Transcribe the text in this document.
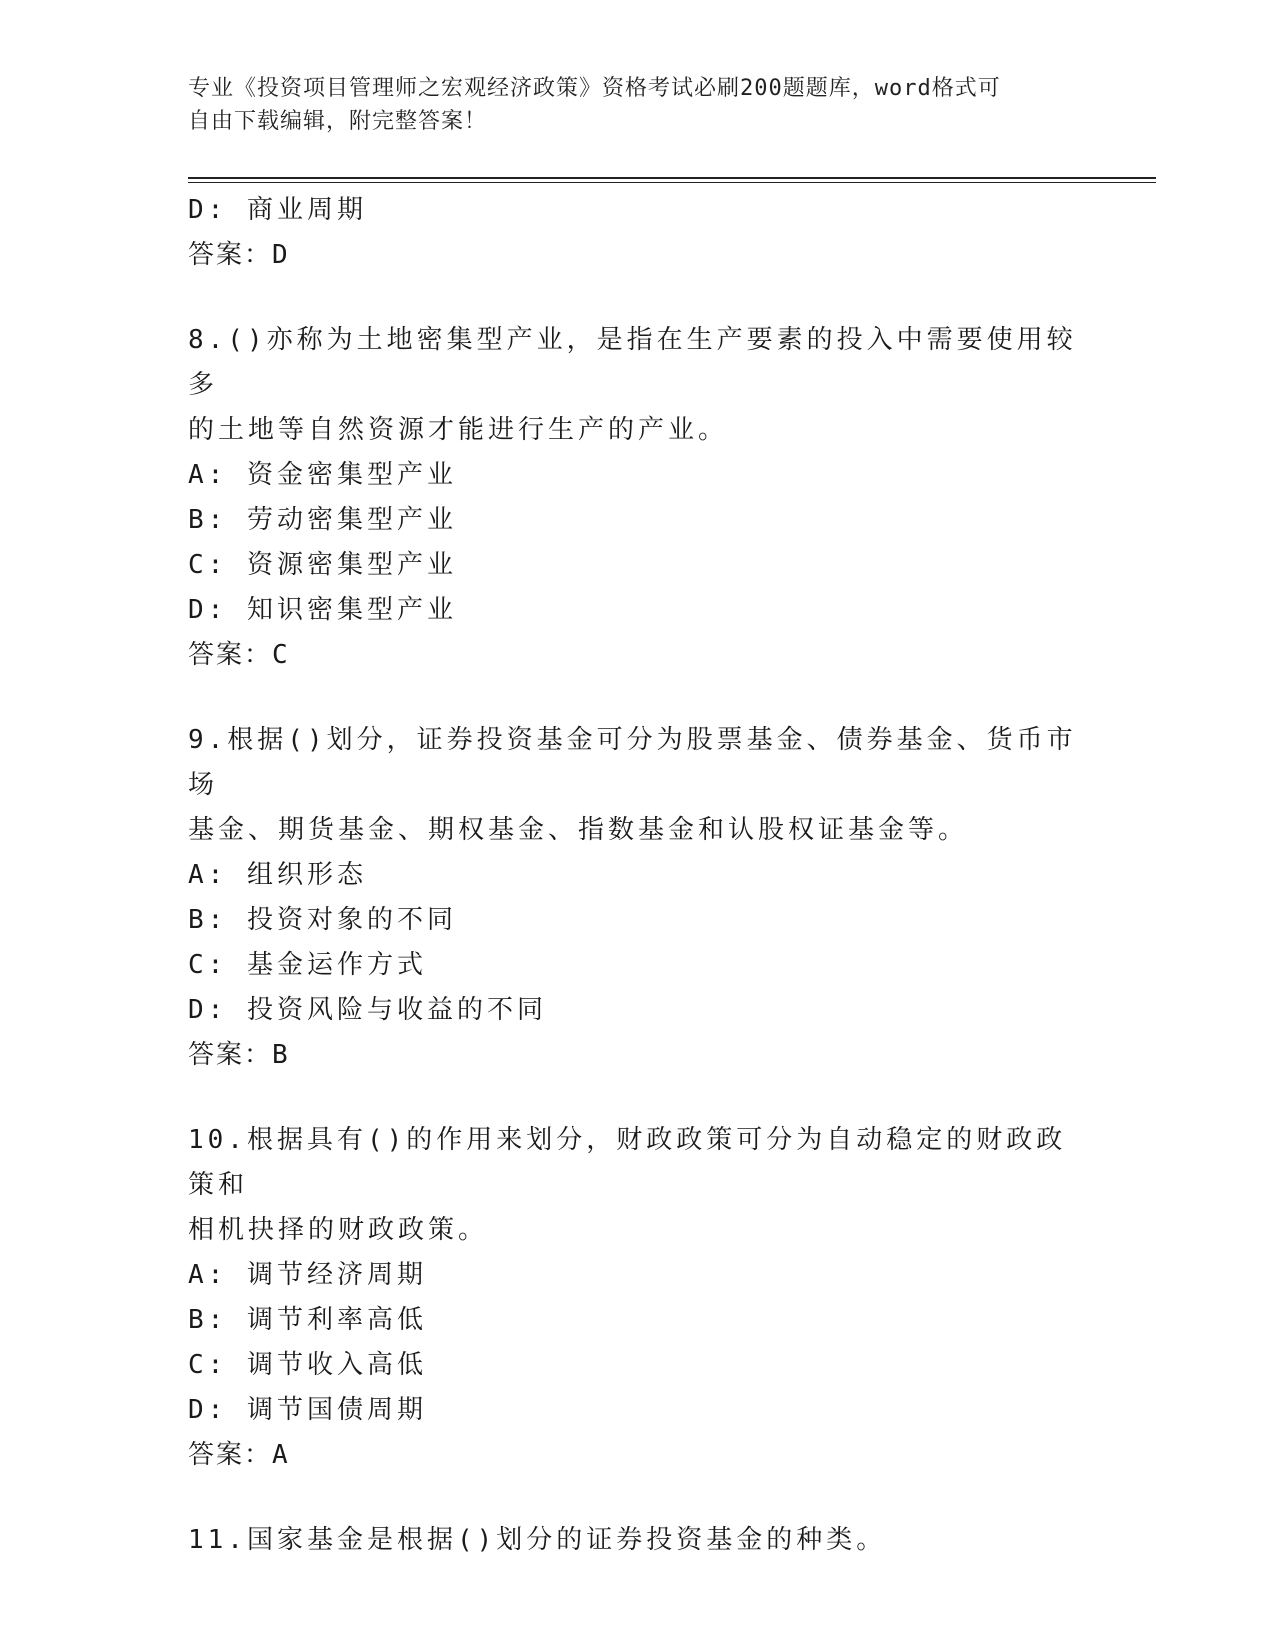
专业《投资项目管理师之宏观经济政策》资格考试必刷200题题库，word格式可
自由下载编辑，附完整答案！
D: 商业周期
答案：D
8.()亦称为土地密集型产业，是指在生产要素的投入中需要使用较多
的土地等自然资源才能进行生产的产业。
A: 资金密集型产业
B: 劳动密集型产业
C: 资源密集型产业
D: 知识密集型产业
答案：C
9.根据()划分，证券投资基金可分为股票基金、债券基金、货币市场
基金、期货基金、期权基金、指数基金和认股权证基金等。
A: 组织形态
B: 投资对象的不同
C: 基金运作方式
D: 投资风险与收益的不同
答案：B
10.根据具有()的作用来划分，财政政策可分为自动稳定的财政政策和
相机抉择的财政政策。
A: 调节经济周期
B: 调节利率高低
C: 调节收入高低
D: 调节国债周期
答案：A
11.国家基金是根据()划分的证券投资基金的种类。
